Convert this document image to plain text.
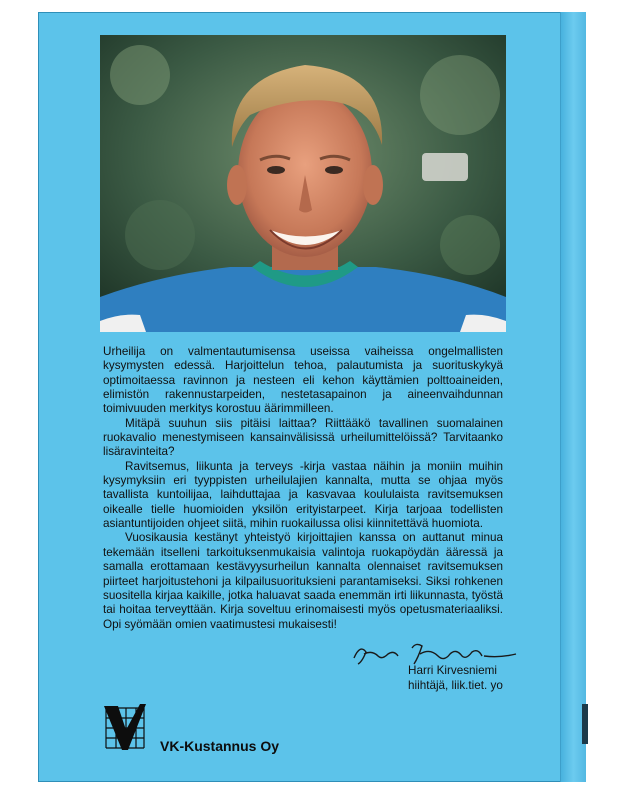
Urheilija on valmentautumisensa useissa vaiheissa ongelmallisten kysymysten edessä. Harjoittelun tehoa, palautumista ja suorituskykyä optimoitaessa ravinnon ja nesteen eli kehon käyttämien polttoaineiden, elimistön rakennustarpeiden, nestetasapainon ja aineenvaihdunnan toimivuuden merkitys korostuu äärimmilleen.

Mitäpä suuhun siis pitäisi laittaa? Riittääkö tavallinen suomalainen ruokavalio menestymiseen kansainvälisissä urheilumittelöissä? Tarvitaanko lisäravinteita?

Ravitsemus, liikunta ja terveys -kirja vastaa näihin ja moniin muihin kysymyksiin eri tyyppisten urheilulajien kannalta, mutta se ohjaa myös tavallista kuntoilijaa, laihduttajaa ja kasvavaa koululaista ravitsemuksen oikealle tielle huomioiden yksilön erityistarpeet. Kirja tarjoaa todellisten asiantuntijoiden ohjeet siitä, mihin ruokailussa olisi kiinnitettävä huomiota.

Vuosikausia kestänyt yhteistyö kirjoittajien kanssa on auttanut minua tekemään itselleni tarkoituksenmukaisia valintoja ruokapöydän ääressä ja samalla erottamaan kestävyysurheilun kannalta olennaiset ravitsemuksen piirteet harjoitustehoni ja kilpailusuorituksieni parantamiseksi. Siksi rohkenen suositella kirjaa kaikille, jotka haluavat saada enemmän irti liikunnasta, työstä tai hoitaa terveyttään. Kirja soveltuu erinomaisesti myös opetusmateriaaliksi. Opi syömään omien vaatimustesi mukaisesti!

Harri Kirvesniemi
hiihtäjä, liik.tiet. yo
VK-Kustannus Oy
